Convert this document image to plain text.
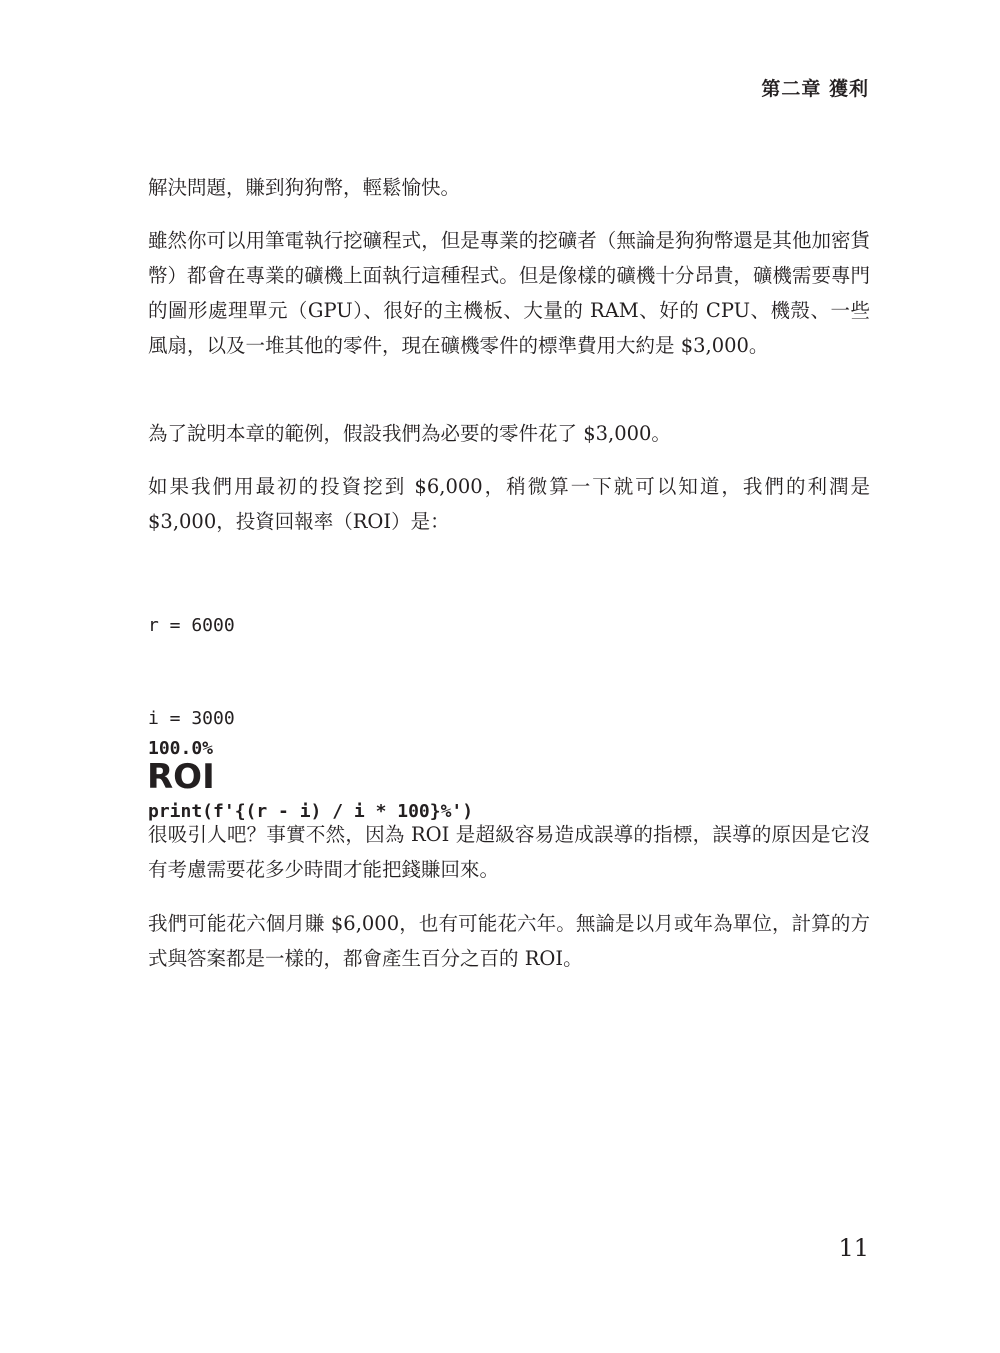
第二章 獲利

解決問題，賺到狗狗幣，輕鬆愉快。

雖然你可以用筆電執行挖礦程式，但是專業的挖礦者（無論是狗狗幣還是其他加密貨幣）都會在專業的礦機上面執行這種程式。但是像樣的礦機十分昂貴，礦機需要專門的圖形處理單元（GPU）、很好的主機板、大量的 RAM、好的 CPU、機殼、一些風扇，以及一堆其他的零件，現在礦機零件的標準費用大約是 $3,000。

為了說明本章的範例，假設我們為必要的零件花了 $3,000。

如果我們用最初的投資挖到 $6,000，稍微算一下就可以知道，我們的利潤是 $3,000，投資回報率（ROI）是：

r = 6000

i = 3000

print(f'{(r - i) / i * 100}%')

100.0%

ROI

很吸引人吧？事實不然，因為 ROI 是超級容易造成誤導的指標，誤導的原因是它沒有考慮需要花多少時間才能把錢賺回來。

我們可能花六個月賺 $6,000，也有可能花六年。無論是以月或年為單位，計算的方式與答案都是一樣的，都會產生百分之百的 ROI。

11
